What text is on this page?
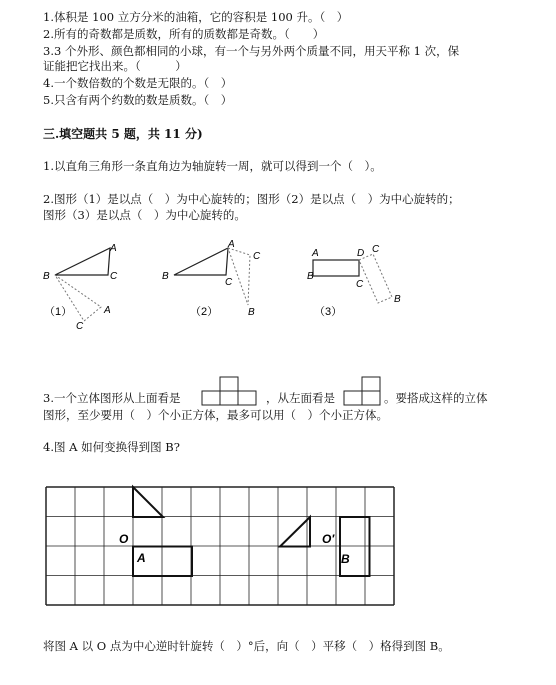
1.体积是 100 立方分米的油箱，它的容积是 100 升。（　）
2.所有的奇数都是质数，所有的质数都是奇数。（　　）
3.3 个外形、颜色都相同的小球，有一个与另外两个质量不同，用天平称 1 次，保
证能把它找出来。（　　　）
4.一个数倍数的个数是无限的。（　）
5.只含有两个约数的数是质数。（　）
三.填空题共 5 题，共 11 分)
1.以直角三角形一条直角边为轴旋转一周，就可以得到一个（　）。
2.图形（1）是以点（　）为中心旋转的；图形（2）是以点（　）为中心旋转的；
图形（3）是以点（　）为中心旋转的。
A
B	C
A
C
（1）
A
B
C
C
B
（2）
A
B
D
C
C
B
（3）
3.一个立体图形从上面看是	，从左面看是	。要搭成这样的立体
图形，至少要用（　）个小正方体，最多可以用（　）个小正方体。
4.图 A 如何变换得到图 B?
O
A
O′
B
将图 A 以 O 点为中心逆时针旋转（　）°后，向（　）平移（　）格得到图 B。
